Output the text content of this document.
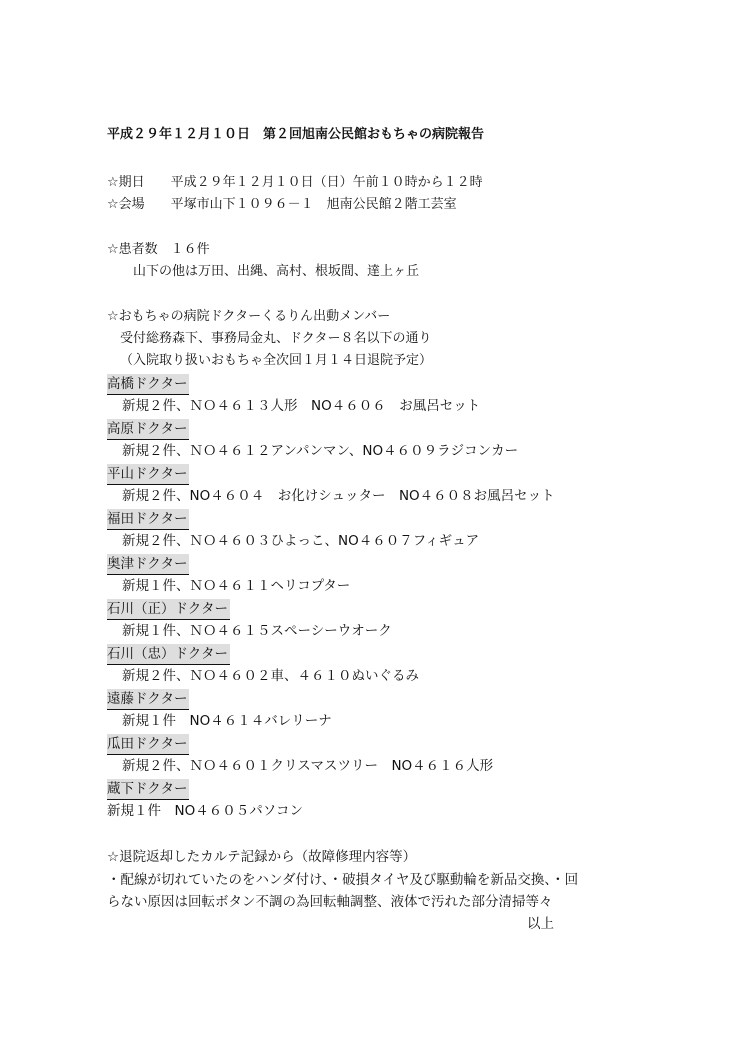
平成２９年１２月１０日　第２回旭南公民館おもちゃの病院報告
☆期日　　平成２９年１２月１０日（日）午前１０時から１２時
☆会場　　平塚市山下１０９６－１　旭南公民館２階工芸室
☆患者数　１６件
山下の他は万田、出縄、高村、根坂間、達上ヶ丘
☆おもちゃの病院ドクターくるりん出動メンバー
受付総務森下、事務局金丸、ドクター８名以下の通り
（入院取り扱いおもちゃ全次回１月１４日退院予定）
高橋ドクター
新規２件、ＮＯ４６１３人形　NO４６０６　お風呂セット
高原ドクター
新規２件、ＮＯ４６１２アンパンマン、NO４６０９ラジコンカー
平山ドクター
新規２件、NO４６０４　お化けシュッター　NO４６０８お風呂セット
福田ドクター
新規２件、ＮＯ４６０３ひよっこ、NO４６０７フィギュア
奥津ドクター
新規１件、ＮＯ４６１１ヘリコプター
石川（正）ドクター
新規１件、ＮＯ４６１５スペーシーウオーク
石川（忠）ドクター
新規２件、ＮＯ４６０２車、４６１０ぬいぐるみ
遠藤ドクター
新規１件　NO４６１４バレリーナ
瓜田ドクター
新規２件、ＮＯ４６０１クリスマスツリー　NO４６１６人形
蔵下ドクター
新規１件　NO４６０５パソコン
☆退院返却したカルテ記録から（故障修理内容等）
・配線が切れていたのをハンダ付け、・破損タイヤ及び駆動輪を新品交換、・回
らない原因は回転ボタン不調の為回転軸調整、液体で汚れた部分清掃等々
以上
